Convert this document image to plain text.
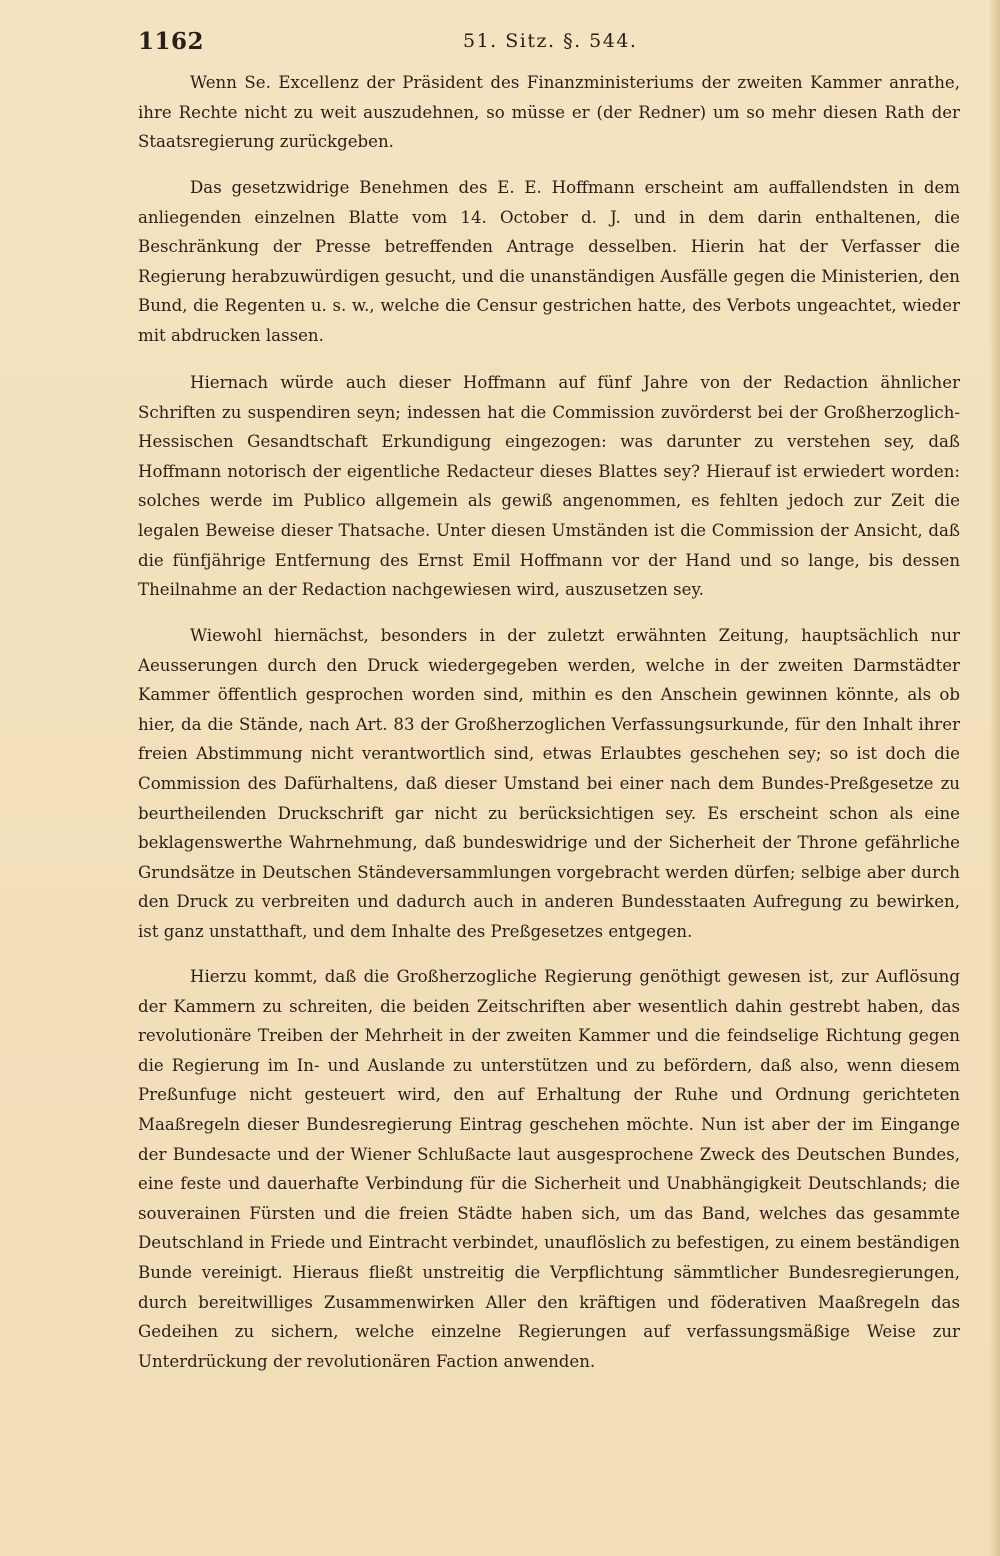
1162	51. Sitz. §. 544.
Wenn Se. Excellenz der Präsident des Finanzministeriums der zweiten Kammer anrathe, ihre Rechte nicht zu weit auszudehnen, so müsse er (der Redner) um so mehr diesen Rath der Staatsregierung zurückgeben.
Das gesetzwidrige Benehmen des E. E. Hoffmann erscheint am auffallendsten in dem anliegenden einzelnen Blatte vom 14. October d. J. und in dem darin enthaltenen, die Beschränkung der Presse betreffenden Antrage desselben. Hierin hat der Verfasser die Regierung herabzuwürdigen gesucht, und die unanständigen Ausfälle gegen die Ministerien, den Bund, die Regenten u. s. w., welche die Censur gestrichen hatte, des Verbots ungeachtet, wieder mit abdrucken lassen.
Hiernach würde auch dieser Hoffmann auf fünf Jahre von der Redaction ähnlicher Schriften zu suspendiren seyn; indessen hat die Commission zuvörderst bei der Großherzoglich-Hessischen Gesandtschaft Erkundigung eingezogen: was darunter zu verstehen sey, daß Hoffmann notorisch der eigentliche Redacteur dieses Blattes sey? Hierauf ist erwiedert worden: solches werde im Publico allgemein als gewiß angenommen, es fehlten jedoch zur Zeit die legalen Beweise dieser Thatsache. Unter diesen Umständen ist die Commission der Ansicht, daß die fünfjährige Entfernung des Ernst Emil Hoffmann vor der Hand und so lange, bis dessen Theilnahme an der Redaction nachgewiesen wird, auszusetzen sey.
Wiewohl hiernächst, besonders in der zuletzt erwähnten Zeitung, hauptsächlich nur Aeusserungen durch den Druck wiedergegeben werden, welche in der zweiten Darmstädter Kammer öffentlich gesprochen worden sind, mithin es den Anschein gewinnen könnte, als ob hier, da die Stände, nach Art. 83 der Großherzoglichen Verfassungsurkunde, für den Inhalt ihrer freien Abstimmung nicht verantwortlich sind, etwas Erlaubtes geschehen sey; so ist doch die Commission des Dafürhaltens, daß dieser Umstand bei einer nach dem Bundes-Preßgesetze zu beurtheilenden Druckschrift gar nicht zu berücksichtigen sey. Es erscheint schon als eine beklagenswerthe Wahrnehmung, daß bundeswidrige und der Sicherheit der Throne gefährliche Grundsätze in Deutschen Ständeversammlungen vorgebracht werden dürfen; selbige aber durch den Druck zu verbreiten und dadurch auch in anderen Bundesstaaten Aufregung zu bewirken, ist ganz unstatthaft, und dem Inhalte des Preßgesetzes entgegen.
Hierzu kommt, daß die Großherzogliche Regierung genöthigt gewesen ist, zur Auflösung der Kammern zu schreiten, die beiden Zeitschriften aber wesentlich dahin gestrebt haben, das revolutionäre Treiben der Mehrheit in der zweiten Kammer und die feindselige Richtung gegen die Regierung im In- und Auslande zu unterstützen und zu befördern, daß also, wenn diesem Preßunfuge nicht gesteuert wird, den auf Erhaltung der Ruhe und Ordnung gerichteten Maaßregeln dieser Bundesregierung Eintrag geschehen möchte. Nun ist aber der im Eingange der Bundesacte und der Wiener Schlußacte laut ausgesprochene Zweck des Deutschen Bundes, eine feste und dauerhafte Verbindung für die Sicherheit und Unabhängigkeit Deutschlands; die souverainen Fürsten und die freien Städte haben sich, um das Band, welches das gesammte Deutschland in Friede und Eintracht verbindet, unauflöslich zu befestigen, zu einem beständigen Bunde vereinigt. Hieraus fließt unstreitig die Verpflichtung sämmtlicher Bundesregierungen, durch bereitwilliges Zusammenwirken Aller den kräftigen und föderativen Maaßregeln das Gedeihen zu sichern, welche einzelne Regierungen auf verfassungsmäßige Weise zur Unterdrückung der revolutionären Faction anwenden.
